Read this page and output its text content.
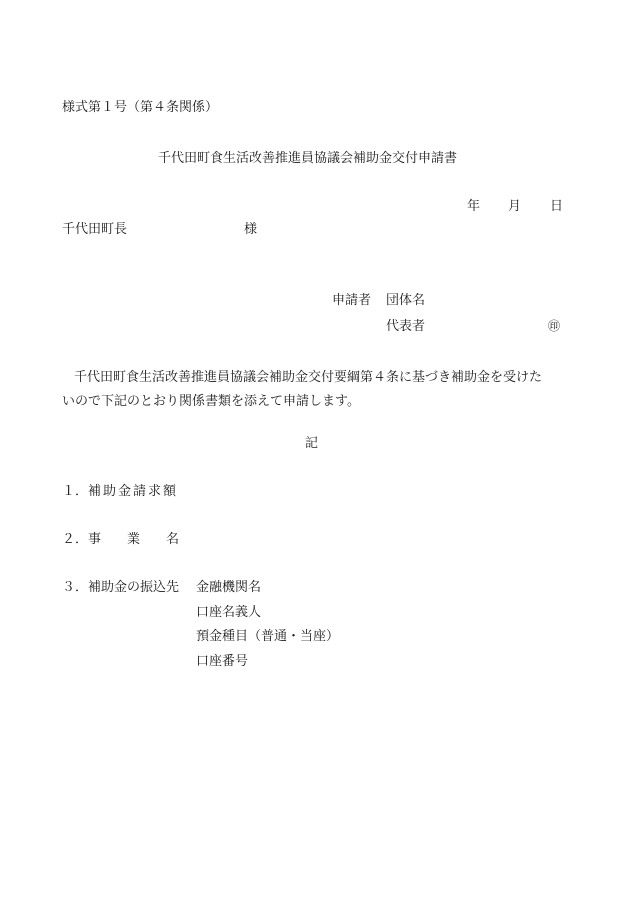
様式第１号（第４条関係）
千代田町食生活改善推進員協議会補助金交付申請書
年 月 日
千代田町長	様
申請者 団体名
代表者	㊞
千代田町食生活改善推進員協議会補助金交付要綱第４条に基づき補助金を受けた
いので下記のとおり関係書類を添えて申請します。
記
１． 補助金請求額
２． 事　　業　　名
３． 補助金の振込先 金融機関名
口座名義人
預金種目（普通・当座）
口座番号
